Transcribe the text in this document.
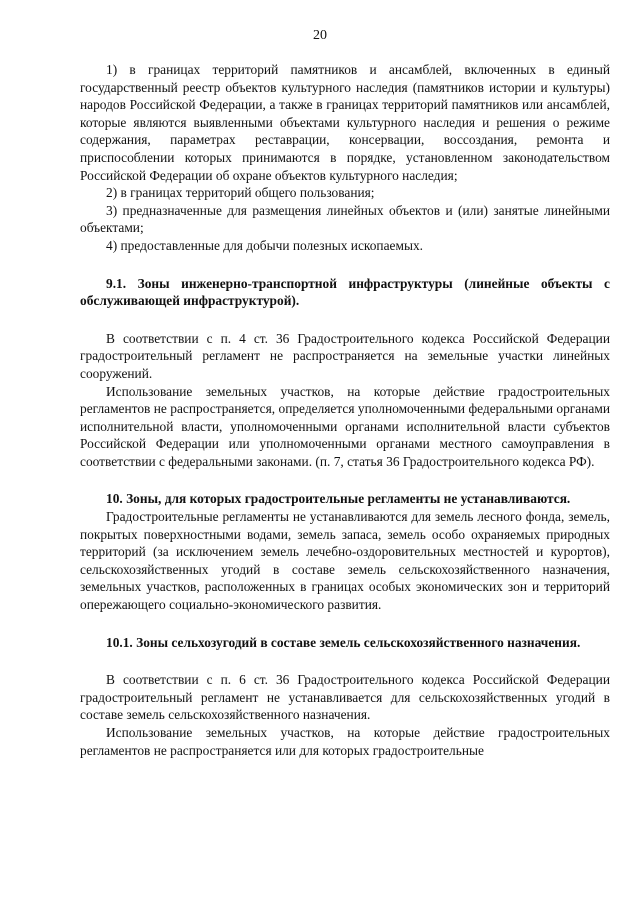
20

1) в границах территорий памятников и ансамблей, включенных в единый государственный реестр объектов культурного наследия (памятников истории и культуры) народов Российской Федерации, а также в границах территорий памятников или ансамблей, которые являются выявленными объектами культурного наследия и решения о режиме содержания, параметрах реставрации, консервации, воссоздания, ремонта и приспособлении которых принимаются в порядке, установленном законодательством Российской Федерации об охране объектов культурного наследия;

2) в границах территорий общего пользования;

3) предназначенные для размещения линейных объектов и (или) занятые линейными объектами;

4) предоставленные для добычи полезных ископаемых.

9.1. Зоны инженерно-транспортной инфраструктуры (линейные объекты с обслуживающей инфраструктурой).

В соответствии с п. 4 ст. 36 Градостроительного кодекса Российской Федерации градостроительный регламент не распространяется на земельные участки линейных сооружений.

Использование земельных участков, на которые действие градостроительных регламентов не распространяется, определяется уполномоченными федеральными органами исполнительной власти, уполномоченными органами исполнительной власти субъектов Российской Федерации или уполномоченными органами местного самоуправления в соответствии с федеральными законами. (п. 7, статья 36 Градостроительного кодекса РФ).

10. Зоны, для которых градостроительные регламенты не устанавливаются.

Градостроительные регламенты не устанавливаются для земель лесного фонда, земель, покрытых поверхностными водами, земель запаса, земель особо охраняемых природных территорий (за исключением земель лечебно-оздоровительных местностей и курортов), сельскохозяйственных угодий в составе земель сельскохозяйственного назначения, земельных участков, расположенных в границах особых экономических зон и территорий опережающего социально-экономического развития.

10.1. Зоны сельхозугодий в составе земель сельскохозяйственного назначения.

В соответствии с п. 6 ст. 36 Градостроительного кодекса Российской Федерации градостроительный регламент не устанавливается для сельскохозяйственных угодий в составе земель сельскохозяйственного назначения.

Использование земельных участков, на которые действие градостроительных регламентов не распространяется или для которых градостроительные
